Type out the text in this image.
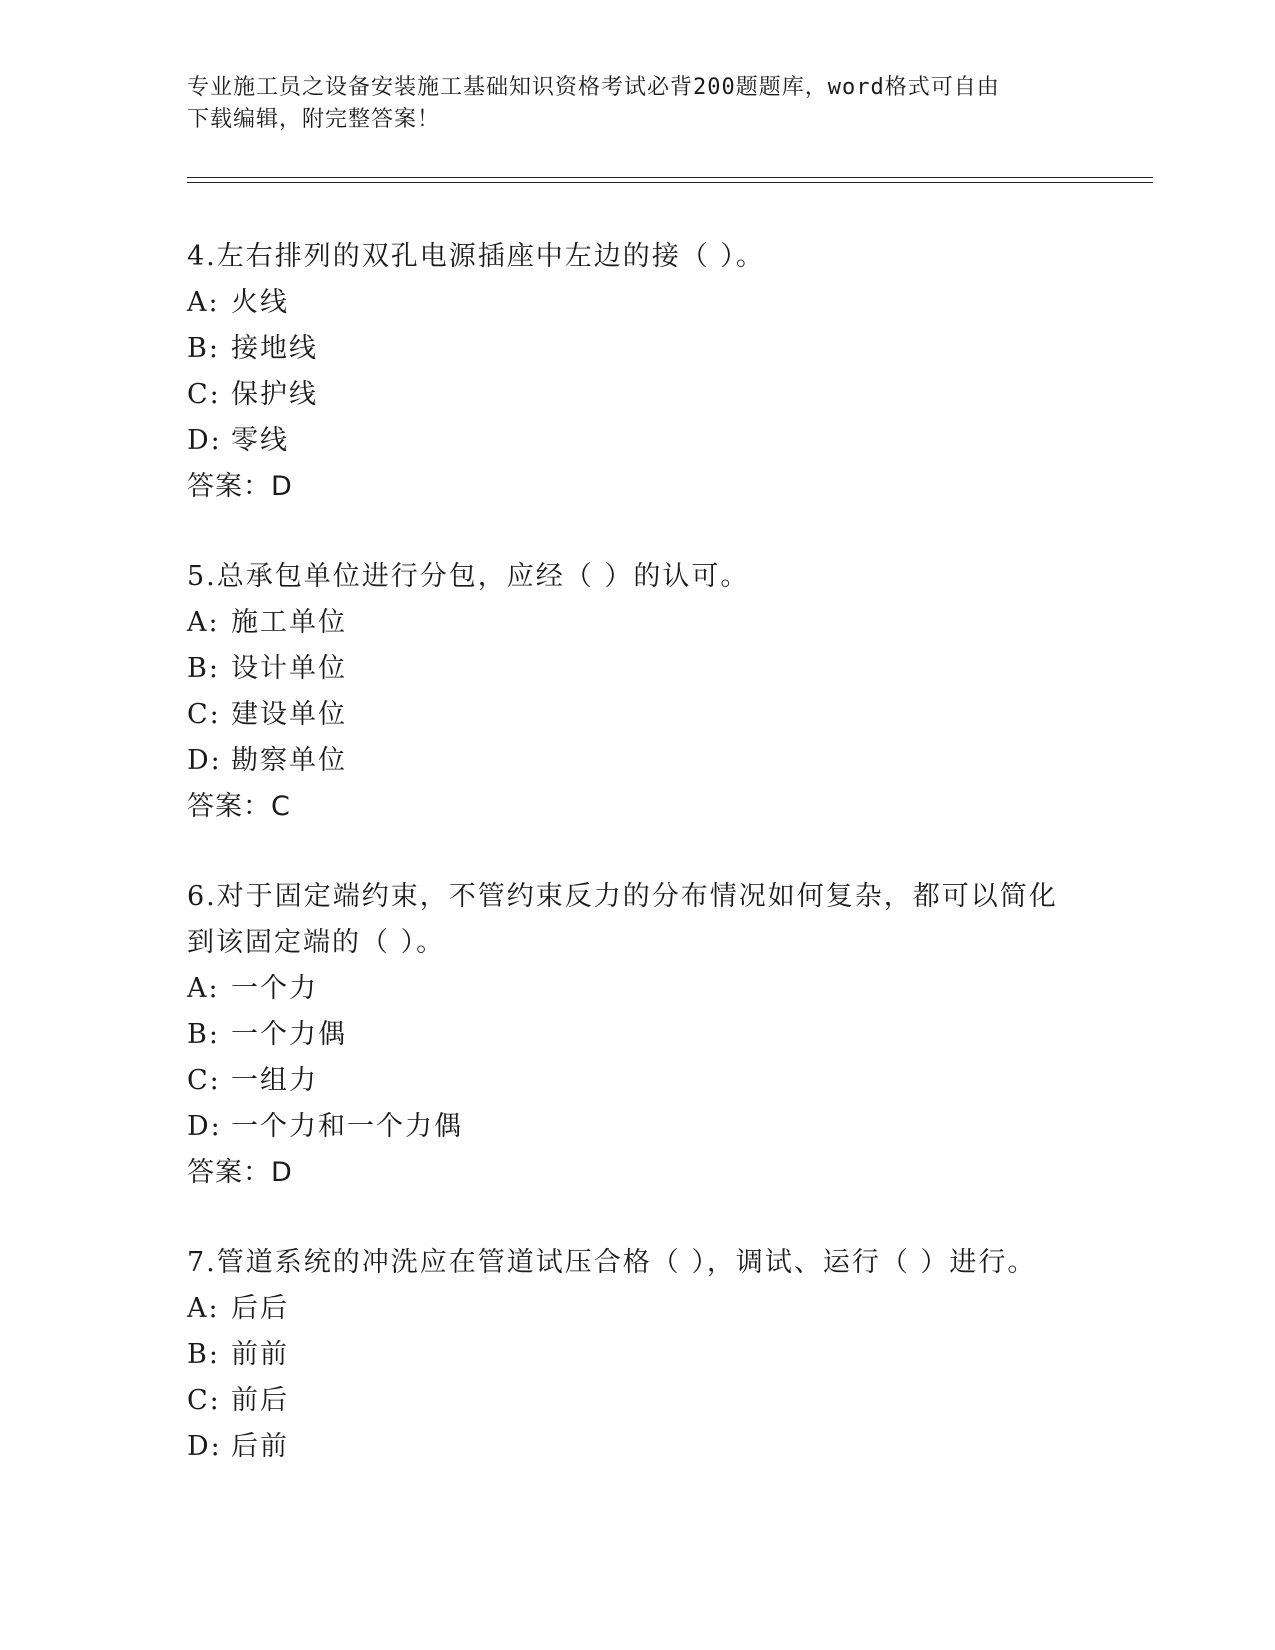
专业施工员之设备安装施工基础知识资格考试必背200题题库，word格式可自由
下载编辑，附完整答案！
4.左右排列的双孔电源插座中左边的接（ ）。
A: 火线
B: 接地线
C: 保护线
D: 零线
答案：D
5.总承包单位进行分包，应经（ ）的认可。
A: 施工单位
B: 设计单位
C: 建设单位
D: 勘察单位
答案：C
6.对于固定端约束，不管约束反力的分布情况如何复杂，都可以简化
到该固定端的（ ）。
A: 一个力
B: 一个力偶
C: 一组力
D: 一个力和一个力偶
答案：D
7.管道系统的冲洗应在管道试压合格（ ），调试、运行（ ）进行。
A: 后后
B: 前前
C: 前后
D: 后前
